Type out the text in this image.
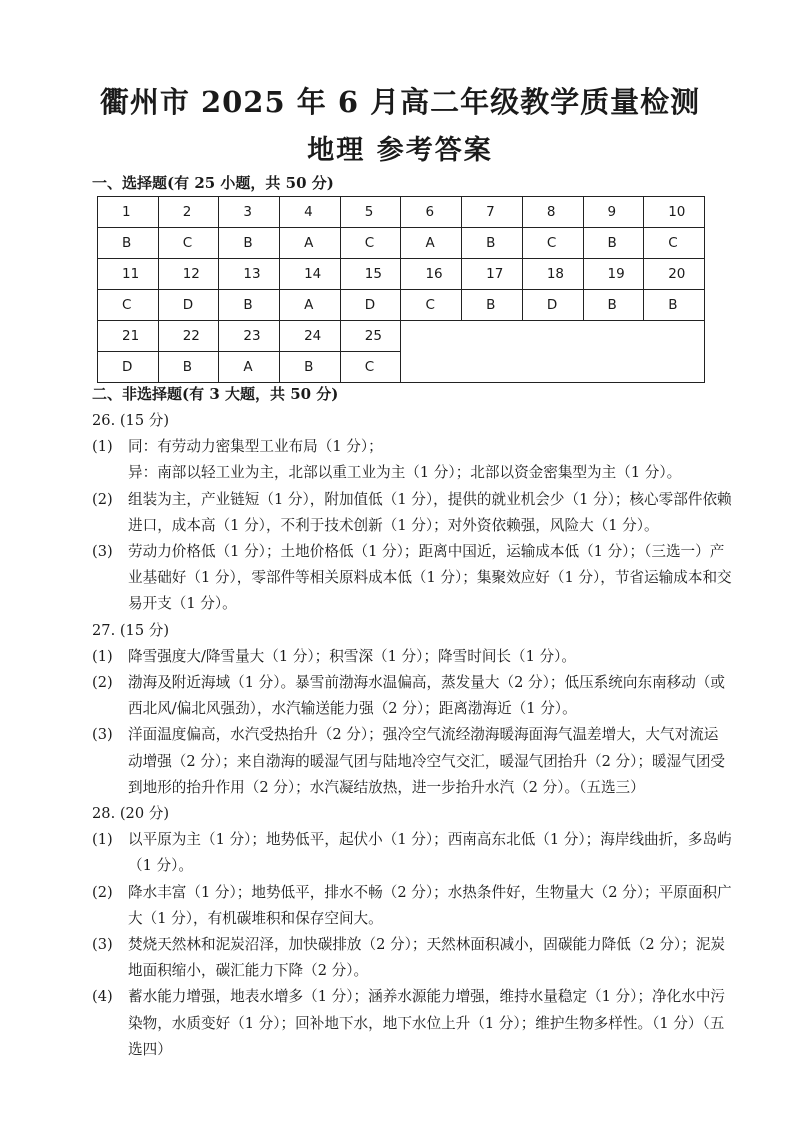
衢州市 2025 年 6 月高二年级教学质量检测
地理 参考答案
一、选择题(有 25 小题，共 50 分)
1	2	3	4	5	6	7	8	9	10
B	C	B	A	C	A	B	C	B	C
11	12	13	14	15	16	17	18	19	20
C	D	B	A	D	C	B	D	B	B
21	22	23	24	25					
D	B	A	B	C					
二、非选择题(有 3 大题，共 50 分)
26. (15 分)
(1) 同：有劳动力密集型工业布局（1 分）；
异：南部以轻工业为主，北部以重工业为主（1 分）；北部以资金密集型为主（1 分）。
(2) 组装为主，产业链短（1 分），附加值低（1 分），提供的就业机会少（1 分）；核心零部件依赖进口，成本高（1 分），不利于技术创新（1 分）；对外资依赖强，风险大（1 分）。
(3) 劳动力价格低（1 分）；土地价格低（1 分）；距离中国近，运输成本低（1 分）；（三选一）产业基础好（1 分），零部件等相关原料成本低（1 分）；集聚效应好（1 分），节省运输成本和交易开支（1 分）。
27. (15 分)
(1) 降雪强度大/降雪量大（1 分）；积雪深（1 分）；降雪时间长（1 分）。
(2) 渤海及附近海域（1 分）。暴雪前渤海水温偏高，蒸发量大（2 分）；低压系统向东南移动（或西北风/偏北风强劲），水汽输送能力强（2 分）；距离渤海近（1 分）。
(3) 洋面温度偏高，水汽受热抬升（2 分）；强冷空气流经渤海暖海面海气温差增大，大气对流运动增强（2 分）；来自渤海的暖湿气团与陆地冷空气交汇，暖湿气团抬升（2 分）；暖湿气团受到地形的抬升作用（2 分）；水汽凝结放热，进一步抬升水汽（2 分）。（五选三）
28. (20 分)
(1) 以平原为主（1 分）；地势低平，起伏小（1 分）；西南高东北低（1 分）；海岸线曲折，多岛屿（1 分）。
(2) 降水丰富（1 分）；地势低平，排水不畅（2 分）；水热条件好，生物量大（2 分）；平原面积广大（1 分），有机碳堆积和保存空间大。
(3) 焚烧天然林和泥炭沼泽，加快碳排放（2 分）；天然林面积减小，固碳能力降低（2 分）；泥炭地面积缩小，碳汇能力下降（2 分）。
(4) 蓄水能力增强，地表水增多（1 分）；涵养水源能力增强，维持水量稳定（1 分）；净化水中污染物，水质变好（1 分）；回补地下水，地下水位上升（1 分）；维护生物多样性。（1 分）（五选四）
